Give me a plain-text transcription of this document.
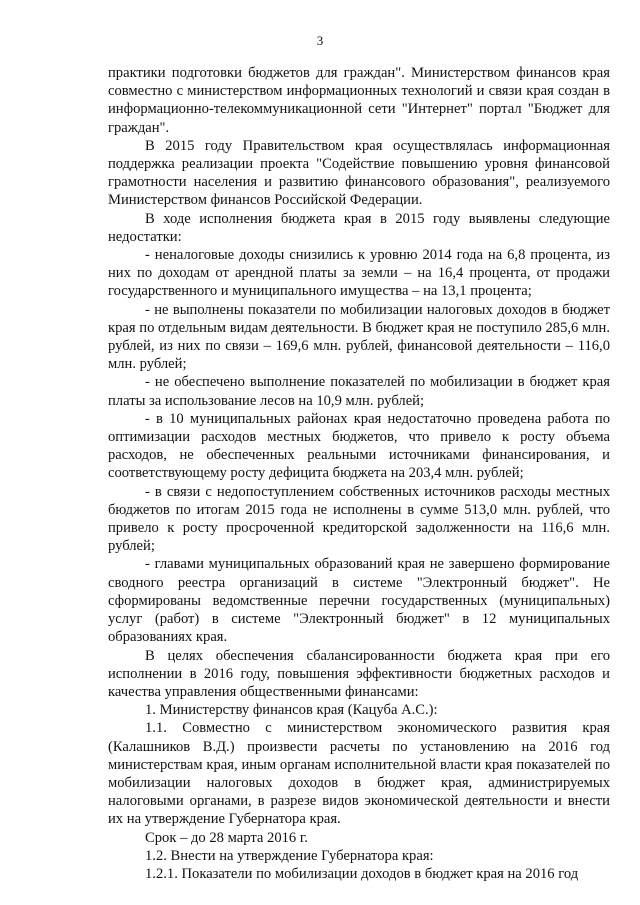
3

практики подготовки бюджетов для граждан". Министерством финансов края совместно с министерством информационных технологий и связи края создан в информационно-телекоммуникационной сети "Интернет" портал "Бюджет для граждан".

В 2015 году Правительством края осуществлялась информационная поддержка реализации проекта "Содействие повышению уровня финансовой грамотности населения и развитию финансового образования", реализуемого Министерством финансов Российской Федерации.

В ходе исполнения бюджета края в 2015 году выявлены следующие недостатки:

- неналоговые доходы снизились к уровню 2014 года на 6,8 процента, из них по доходам от арендной платы за земли – на 16,4 процента, от продажи государственного и муниципального имущества – на 13,1 процента;

- не выполнены показатели по мобилизации налоговых доходов в бюджет края по отдельным видам деятельности. В бюджет края не поступило 285,6 млн. рублей, из них по связи – 169,6 млн. рублей, финансовой деятельности – 116,0 млн. рублей;

- не обеспечено выполнение показателей по мобилизации в бюджет края платы за использование лесов на 10,9 млн. рублей;

- в 10 муниципальных районах края недостаточно проведена работа по оптимизации расходов местных бюджетов, что привело к росту объема расходов, не обеспеченных реальными источниками финансирования, и соответствующему росту дефицита бюджета на 203,4 млн. рублей;

- в связи с недопоступлением собственных источников расходы местных бюджетов по итогам 2015 года не исполнены в сумме 513,0 млн. рублей, что привело к росту просроченной кредиторской задолженности на 116,6 млн. рублей;

- главами муниципальных образований края не завершено формирование сводного реестра организаций в системе "Электронный бюджет". Не сформированы ведомственные перечни государственных (муниципальных) услуг (работ) в системе "Электронный бюджет" в 12 муниципальных образованиях края.

В целях обеспечения сбалансированности бюджета края при его исполнении в 2016 году, повышения эффективности бюджетных расходов и качества управления общественными финансами:

1. Министерству финансов края (Кацуба А.С.):

1.1. Совместно с министерством экономического развития края (Калашников В.Д.) произвести расчеты по установлению на 2016 год министерствам края, иным органам исполнительной власти края показателей по мобилизации налоговых доходов в бюджет края, администрируемых налоговыми органами, в разрезе видов экономической деятельности и внести их на утверждение Губернатора края.

Срок – до 28 марта 2016 г.

1.2. Внести на утверждение Губернатора края:

1.2.1. Показатели по мобилизации доходов в бюджет края на 2016 год
